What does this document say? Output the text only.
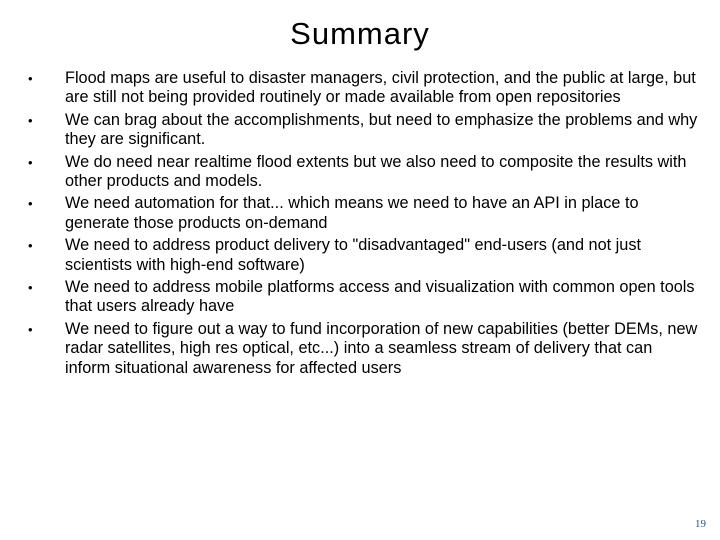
Summary
• Flood maps are useful to disaster managers, civil protection, and the public at large, but are still not being provided routinely or made available from open repositories
• We can brag about the accomplishments, but need to emphasize the problems and why they are significant.
• We do need near realtime flood extents but we also need to composite the results with other products and models.
• We need automation for that... which means we need to have an API in place to generate those products on-demand
• We need to address product delivery to "disadvantaged" end-users (and not just scientists with high-end software)
• We need to address mobile platforms access and visualization with common open tools that users already have
• We need to figure out a way to fund incorporation of new capabilities (better DEMs, new radar satellites, high res optical, etc...) into a seamless stream of delivery that can inform situational awareness for affected users
19
